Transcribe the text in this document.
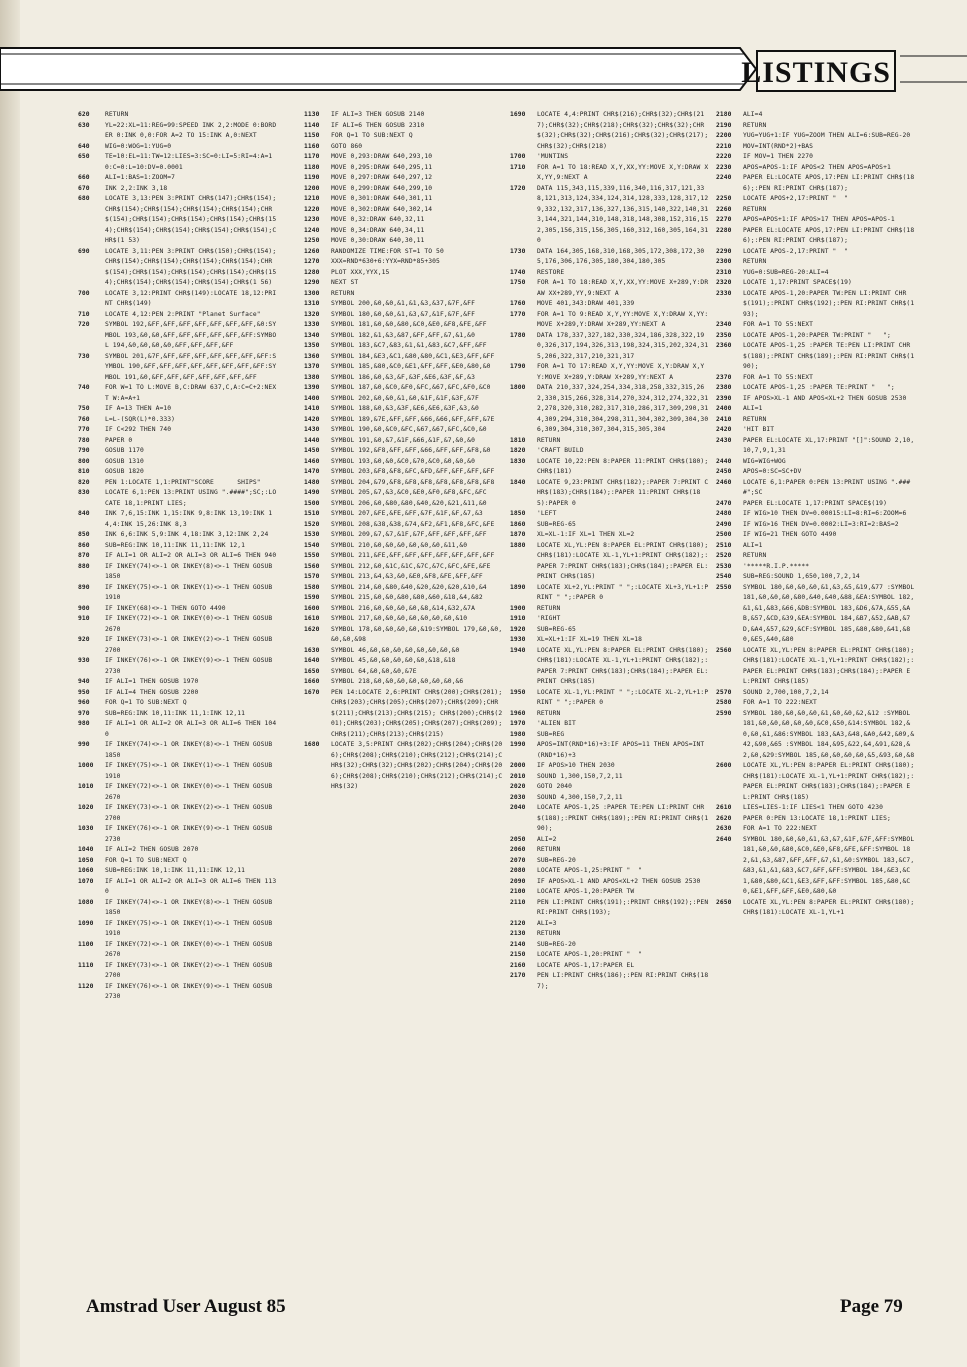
LISTINGS
620	RETURN
630	YL=22:XL=11:REG=99:SPEED INK 2,2:MODE 0:BORDER 0:INK 0,0:FOR A=2 TO 15:INK A,0:NEXT
640	WIG=0:WOG=1:YUG=0
650	TE=10:EL=11:TW=12:LIES=3:SC=0:LI=5:RI=4:A=10:C=0:L=10:DV=0.0001
660	ALI=1:BAS=1:ZOOM=7
670	INK 2,2:INK 3,18
680	LOCATE 3,13:PEN 3:PRINT CHR$(147);CHR$(154);CHR$(154);CHR$(154);CHR$(154);CHR$(154);CHR$(154);CHR$(154);CHR$(154);CHR$(154);CHR$(154);CHR$(154);CHR$(154);CHR$(154);CHR$(154);CHR$(1 53)
690	LOCATE 3,11:PEN 3:PRINT CHR$(150);CHR$(154);CHR$(154);CHR$(154);CHR$(154);CHR$(154);CHR$(154);CHR$(154);CHR$(154);CHR$(154);CHR$(154);CHR$(154);CHR$(154);CHR$(154);CHR$(1 56)
700	LOCATE 3,12:PRINT CHR$(149):LOCATE 18,12:PRINT CHR$(149)
710	LOCATE 4,12:PEN 2:PRINT "Planet Surface"
720	SYMBOL 192,&FF,&FF,&FF,&FF,&FF,&FF,&FF,&0:SYMBOL 193,&0,&0,&FF,&FF,&FF,&FF,&FF,&FF:SYMBOL 194,&0,&0,&0,&0,&FF,&FF,&FF,&FF
730	SYMBOL 201,&7F,&FF,&FF,&FF,&FF,&FF,&FF,&FF:SYMBOL 190,&FF,&FF,&FF,&FF,&FF,&FF,&FF,&FF:SYMBOL 191,&0,&FF,&FF,&FF,&FF,&FF,&FF,&FF
740	FOR W=1 TO L:MOVE B,C:DRAW 637,C,A:C=C+2:NEXT W:A=A+1
750	IF A=13 THEN A=10
760	L=L-(SQR(L)*0.333)
770	IF C<292 THEN 740
780	PAPER 0
790	GOSUB 1170
800	GOSUB 1310
810	GOSUB 1820
820	PEN 1:LOCATE 1,1:PRINT"SCORE      SHIPS"
830	LOCATE 6,1:PEN 13:PRINT USING ".####";SC;:LOCATE 18,1:PRINT LIES;
840	INK 7,6,15:INK 1,15:INK 9,8:INK 13,19:INK 14,4:INK 15,26:INK 8,3
850	INK 6,6:INK 5,9:INK 4,18:INK 3,12:INK 2,24
860	SUB=REG:INK 10,11:INK 11,11:INK 12,1
870	IF ALI=1 OR ALI=2 OR ALI=3 OR ALI=6 THEN 940
880	IF INKEY(74)<>-1 OR INKEY(8)<>-1 THEN GOSUB 1850
890	IF INKEY(75)<>-1 OR INKEY(1)<>-1 THEN GOSUB 1910
900	IF INKEY(68)<>-1 THEN GOTO 4490
910	IF INKEY(72)<>-1 OR INKEY(0)<>-1 THEN GOSUB 2670
920	IF INKEY(73)<>-1 OR INKEY(2)<>-1 THEN GOSUB 2700
930	IF INKEY(76)<>-1 OR INKEY(9)<>-1 THEN GOSUB 2730
940	IF ALI=1 THEN GOSUB 1970
950	IF ALI=4 THEN GOSUB 2200
960	FOR Q=1 TO SUB:NEXT Q
970	SUB=REG:INK 10,11:INK 11,1:INK 12,11
980	IF ALI=1 OR ALI=2 OR ALI=3 OR ALI=6 THEN 1040
990	IF INKEY(74)<>-1 OR INKEY(8)<>-1 THEN GOSUB 1850
1000	IF INKEY(75)<>-1 OR INKEY(1)<>-1 THEN GOSUB 1910
1010	IF INKEY(72)<>-1 OR INKEY(0)<>-1 THEN GOSUB 2670
1020	IF INKEY(73)<>-1 OR INKEY(2)<>-1 THEN GOSUB 2700
1030	IF INKEY(76)<>-1 OR INKEY(9)<>-1 THEN GOSUB 2730
1040	IF ALI=2 THEN GOSUB 2070
1050	FOR Q=1 TO SUB:NEXT Q
1060	SUB=REG:INK 10,1:INK 11,11:INK 12,11
1070	IF ALI=1 OR ALI=2 OR ALI=3 OR ALI=6 THEN 1130
1080	IF INKEY(74)<>-1 OR INKEY(8)<>-1 THEN GOSUB 1850
1090	IF INKEY(75)<>-1 OR INKEY(1)<>-1 THEN GOSUB 1910
1100	IF INKEY(72)<>-1 OR INKEY(0)<>-1 THEN GOSUB 2670
1110	IF INKEY(73)<>-1 OR INKEY(2)<>-1 THEN GOSUB 2700
1120	IF INKEY(76)<>-1 OR INKEY(9)<>-1 THEN GOSUB 2730
1130	IF ALI=3 THEN GOSUB 2140
1140	IF ALI=6 THEN GOSUB 2310
1150	FOR Q=1 TO SUB:NEXT Q
1160	GOTO 860
1170	MOVE 0,293:DRAW 640,293,10
1180	MOVE 0,295:DRAW 640,295,11
1190	MOVE 0,297:DRAW 640,297,12
1200	MOVE 0,299:DRAW 640,299,10
1210	MOVE 0,301:DRAW 640,301,11
1220	MOVE 0,302:DRAW 640,302,14
1230	MOVE 0,32:DRAW 640,32,11
1240	MOVE 0,34:DRAW 640,34,11
1250	MOVE 0,30:DRAW 640,30,11
1260	RANDOMIZE TIME:FOR ST=1 TO 50
1270	XXX=RND*630+6:YYX=RND*85+305
1280	PLOT XXX,YYX,15
1290	NEXT ST
1300	RETURN
1310	SYMBOL 200,&0,&0,&1,&1,&3,&37,&7F,&FF
1320	SYMBOL 180,&0,&0,&1,&3,&7,&1F,&7F,&FF
1330	SYMBOL 181,&0,&0,&80,&C0,&E0,&F8,&FE,&FF
1340	SYMBOL 182,&1,&3,&87,&FF,&FF,&7,&1,&0
1350	SYMBOL 183,&C7,&83,&1,&1,&83,&C7,&FF,&FF
1360	SYMBOL 184,&E3,&C1,&80,&80,&C1,&E3,&FF,&FF
1370	SYMBOL 185,&80,&C0,&E1,&FF,&FF,&E0,&80,&0
1380	SYMBOL 186,&0,&3,&F,&3F,&E6,&3F,&F,&3
1390	SYMBOL 187,&0,&C0,&F0,&FC,&67,&FC,&F0,&C0
1400	SYMBOL 202,&0,&0,&1,&0,&1F,&1F,&3F,&7F
1410	SYMBOL 188,&0,&3,&3F,&E6,&E6,&3F,&3,&0
1420	SYMBOL 189,&7E,&FF,&FF,&66,&66,&FF,&FF,&7E
1430	SYMBOL 190,&0,&C0,&FC,&67,&67,&FC,&C0,&0
1440	SYMBOL 191,&0,&7,&1F,&66,&1F,&7,&0,&0
1450	SYMBOL 192,&F8,&FF,&FF,&66,&FF,&FF,&F8,&0
1460	SYMBOL 193,&0,&0,&C0,&70,&C0,&0,&0,&0
1470	SYMBOL 203,&F8,&F8,&FC,&FD,&FF,&FF,&FF,&FF
1480	SYMBOL 204,&79,&F8,&F8,&F8,&F8,&F8,&F8,&F8
1490	SYMBOL 205,&7,&3,&C0,&E0,&F0,&F8,&FC,&FC
1500	SYMBOL 206,&0,&80,&80,&40,&20,&21,&11,&0
1510	SYMBOL 207,&FE,&FE,&FF,&7F,&1F,&F,&7,&3
1520	SYMBOL 208,&38,&38,&74,&F2,&F1,&F8,&FC,&FE
1530	SYMBOL 209,&7,&7,&1F,&7F,&FF,&FF,&FF,&FF
1540	SYMBOL 210,&0,&0,&0,&0,&0,&0,&11,&0
1550	SYMBOL 211,&FE,&FF,&FF,&FF,&FF,&FF,&FF,&FF
1560	SYMBOL 212,&0,&1C,&1C,&7C,&7C,&FC,&FE,&FE
1570	SYMBOL 213,&4,&3,&0,&E0,&F8,&FE,&FF,&FF
1580	SYMBOL 214,&0,&80,&40,&20,&20,&20,&10,&4
1590	SYMBOL 215,&0,&0,&80,&80,&60,&18,&4,&82
1600	SYMBOL 216,&0,&0,&0,&0,&8,&14,&32,&7A
1610	SYMBOL 217,&0,&0,&0,&0,&0,&0,&0,&10
1620	SYMBOL 178,&0,&0,&0,&0,&19:SYMBOL 179,&0,&0,&0,&0,&98
1630	SYMBOL 46,&0,&0,&0,&0,&0,&0,&0,&0
1640	SYMBOL 45,&0,&0,&0,&0,&0,&18,&18
1650	SYMBOL 64,&0,&0,&0,&7E
1660	SYMBOL 218,&0,&0,&0,&0,&0,&0,&0,&6
1670	PEN 14:LOCATE 2,6:PRINT CHR$(200);CHR$(201);CHR$(203);CHR$(205);CHR$(207);CHR$(209);CHR$(211);CHR$(213);CHR$(215); CHR$(200);CHR$(201);CHR$(203);CHR$(205);CHR$(207);CHR$(209);CHR$(211);CHR$(213);CHR$(215)
1680	LOCATE 3,5:PRINT CHR$(202);CHR$(204);CHR$(206);CHR$(208);CHR$(210);CHR$(212);CHR$(214);CHR$(32);CHR$(32);CHR$(202);CHR$(204);CHR$(206);CHR$(208);CHR$(210);CHR$(212);CHR$(214);CHR$(32)
1690	LOCATE 4,4:PRINT CHR$(216);CHR$(32);CHR$(217);CHR$(32);CHR$(218);CHR$(32);CHR$(32);CHR$(32);CHR$(32);CHR$(216);CHR$(32);CHR$(217);CHR$(32);CHR$(218)
1700	'MUNTINS
1710	FOR A=1 TO 18:READ X,Y,XX,YY:MOVE X,Y:DRAW XX,YY,9:NEXT A
1720	DATA 115,343,115,339,116,340,116,317,121,338,121,313,124,334,124,314,128,333,128,317,129,332,132,317,136,327,136,315,140,322,140,313,144,321,144,310,148,318,148,308,152,316,152,305,156,315,156,305,160,312,160,305,164,310
1730	DATA 164,305,168,310,168,305,172,308,172,305,176,306,176,305,180,304,180,305
1740	RESTORE
1750	FOR A=1 TO 18:READ X,Y,XX,YY:MOVE X+289,Y:DRAW XX+289,YY,9:NEXT A
1760	MOVE 401,343:DRAW 401,339
1770	FOR A=1 TO 9:READ X,Y,YY:MOVE X,Y:DRAW X,YY:MOVE X+289,Y:DRAW X+289,YY:NEXT A
1780	DATA 178,337,327,182,330,324,186,328,322,190,326,317,194,326,313,198,324,315,202,324,315,206,322,317,210,321,317
1790	FOR A=1 TO 17:READ X,Y,YY:MOVE X,Y:DRAW X,YY:MOVE X+289,Y:DRAW X+289,YY:NEXT A
1800	DATA 210,337,324,254,334,318,258,332,315,262,330,315,266,328,314,270,324,312,274,322,312,278,320,310,282,317,310,286,317,309,290,314,309,294,310,304,298,311,304,302,309,304,306,309,304,310,307,304,315,305,304
1810	RETURN
1820	'CRAFT BUILD
1830	LOCATE 10,22:PEN 8:PAPER 11:PRINT CHR$(180);CHR$(181)
1840	LOCATE 9,23:PRINT CHR$(182);:PAPER 7:PRINT CHR$(183);CHR$(184);:PAPER 11:PRINT CHR$(185):PAPER 0
1850	'LEFT
1860	SUB=REG-65
1870	XL=XL-1:IF XL=1 THEN XL=2
1880	LOCATE XL,YL:PEN 8:PAPER EL:PRINT CHR$(180);CHR$(181):LOCATE XL-1,YL+1:PRINT CHR$(182);:PAPER 7:PRINT CHR$(183);CHR$(184);:PAPER EL:PRINT CHR$(185)
1890	LOCATE XL+2,YL:PRINT " ";:LOCATE XL+3,YL+1:PRINT " ";:PAPER 0
1900	RETURN
1910	'RIGHT
1920	SUB=REG-65
1930	XL=XL+1:IF XL=19 THEN XL=18
1940	LOCATE XL,YL:PEN 8:PAPER EL:PRINT CHR$(180);CHR$(181):LOCATE XL-1,YL+1:PRINT CHR$(182);:PAPER 7:PRINT CHR$(183);CHR$(184);:PAPER EL:PRINT CHR$(185)
1950	LOCATE XL-1,YL:PRINT " ";:LOCATE XL-2,YL+1:PRINT " ";:PAPER 0
1960	RETURN
1970	'ALIEN BIT
1980	SUB=REG
1990	APOS=INT(RND*16)+3:IF APOS=11 THEN APOS=INT(RND*16)+3
2000	IF APOS>10 THEN 2030
2010	SOUND 1,300,150,7,2,11
2020	GOTO 2040
2030	SOUND 4,300,150,7,2,11
2040	LOCATE APOS-1,25 :PAPER TE:PEN LI:PRINT CHR$(188);:PRINT CHR$(189);:PEN RI:PRINT CHR$(190);
2050	ALI=2
2060	RETURN
2070	SUB=REG-20
2080	LOCATE APOS-1,25:PRINT "  "
2090	IF APOS>XL-1 AND APOS<XL+2 THEN GOSUB 2530
2100	LOCATE APOS-1,20:PAPER TW
2110	PEN LI:PRINT CHR$(191);:PRINT CHR$(192);:PEN RI:PRINT CHR$(193);
2120	ALI=3
2130	RETURN
2140	SUB=REG-20
2150	LOCATE APOS-1,20:PRINT "  "
2160	LOCATE APOS-1,17:PAPER EL
2170	PEN LI:PRINT CHR$(186);:PEN RI:PRINT CHR$(187);
2180	ALI=4
2190	RETURN
2200	YUG=YUG+1:IF YUG=ZOOM THEN ALI=6:SUB=REG-20
2210	MOV=INT(RND*2)+BAS
2220	IF MOV=1 THEN 2270
2230	APOS=APOS-1:IF APOS<2 THEN APOS=APOS+1
2240	PAPER EL:LOCATE APOS,17:PEN LI:PRINT CHR$(186);:PEN RI:PRINT CHR$(187);
2250	LOCATE APOS+2,17:PRINT "  "
2260	RETURN
2270	APOS=APOS+1:IF APOS>17 THEN APOS=APOS-1
2280	PAPER EL:LOCATE APOS,17:PEN LI:PRINT CHR$(186);:PEN RI:PRINT CHR$(187);
2290	LOCATE APOS-2,17:PRINT "  "
2300	RETURN
2310	YUG=0:SUB=REG-20:ALI=4
2320	LOCATE 1,17:PRINT SPACE$(19)
2330	LOCATE APOS-1,20:PAPER TW:PEN LI:PRINT CHR$(191);:PRINT CHR$(192);:PEN RI:PRINT CHR$(193);
2340	FOR A=1 TO 55:NEXT
2350	LOCATE APOS-1,20:PAPER TW:PRINT "   ";
2360	LOCATE APOS-1,25 :PAPER TE:PEN LI:PRINT CHR$(188);:PRINT CHR$(189);:PEN RI:PRINT CHR$(190);
2370	FOR A=1 TO 55:NEXT
2380	LOCATE APOS-1,25 :PAPER TE:PRINT "   ";
2390	IF APOS>XL-1 AND APOS<XL+2 THEN GOSUB 2530
2400	ALI=1
2410	RETURN
2420	'HIT BIT
2430	PAPER EL:LOCATE XL,17:PRINT "[]":SOUND 2,10,10,7,9,1,31
2440	WIG=WIG+WOG
2450	APOS=0:SC=SC+DV
2460	LOCATE 6,1:PAPER 0:PEN 13:PRINT USING ".####";SC
2470	PAPER EL:LOCATE 1,17:PRINT SPACE$(19)
2480	IF WIG>10 THEN DV=0.00015:LI=8:RI=6:ZOOM=6
2490	IF WIG>16 THEN DV=0.0002:LI=3:RI=2:BAS=2
2500	IF WIG=21 THEN GOTO 4490
2510	ALI=1
2520	RETURN
2530	'*****R.I.P.*****
2540	SUB=REG:SOUND 1,650,100,7,2,14
2550	SYMBOL 180,&0,&0,&0,&1,&3,&5,&19,&77 :SYMBOL 181,&0,&0,&0,&80,&40,&40,&88,&EA:SYMBOL 182,&1,&1,&83,&66,&DB:SYMBOL 183,&D6,&7A,&55,&AB,&57,&CD,&39,&EA:SYMBOL 184,&B7,&52,&AB,&7D,&A4,&57,&29,&CF:SYMBOL 185,&80,&80,&41,&80,&E5,&40,&80
2560	LOCATE XL,YL:PEN 8:PAPER EL:PRINT CHR$(180);CHR$(181):LOCATE XL-1,YL+1:PRINT CHR$(182);:PAPER EL:PRINT CHR$(183);CHR$(184);:PAPER EL:PRINT CHR$(185)
2570	SOUND 2,700,100,7,2,14
2580	FOR A=1 TO 222:NEXT
2590	SYMBOL 180,&0,&0,&0,&1,&0,&0,&2,&12 :SYMBOL 181,&0,&0,&0,&0,&0,&C0,&50,&14:SYMBOL 182,&0,&0,&1,&86:SYMBOL 183,&A3,&48,&A0,&42,&09,&42,&90,&65 :SYMBOL 184,&95,&22,&4,&91,&28,&2,&0,&29:SYMBOL 185,&0,&0,&0,&0,&5,&93,&0,&8
2600	LOCATE XL,YL:PEN 8:PAPER EL:PRINT CHR$(180);CHR$(181):LOCATE XL-1,YL+1:PRINT CHR$(182);:PAPER EL:PRINT CHR$(183);CHR$(184);:PAPER EL:PRINT CHR$(185)
2610	LIES=LIES-1:IF LIES<1 THEN GOTO 4230
2620	PAPER 0:PEN 13:LOCATE 18,1:PRINT LIES;
2630	FOR A=1 TO 222:NEXT
2640	SYMBOL 180,&0,&0,&1,&3,&7,&1F,&7F,&FF:SYMBOL 181,&0,&0,&80,&C0,&E0,&F8,&FE,&FF:SYMBOL 182,&1,&3,&87,&FF,&FF,&7,&1,&0:SYMBOL 183,&C7,&83,&1,&1,&83,&C7,&FF,&FF:SYMBOL 184,&E3,&C1,&80,&80,&C1,&E3,&FF,&FF:SYMBOL 185,&80,&C0,&E1,&FF,&FF,&E0,&80,&0
2650	LOCATE XL,YL:PEN 8:PAPER EL:PRINT CHR$(180);CHR$(181):LOCATE XL-1,YL+1
Amstrad User August 85	Page 79
